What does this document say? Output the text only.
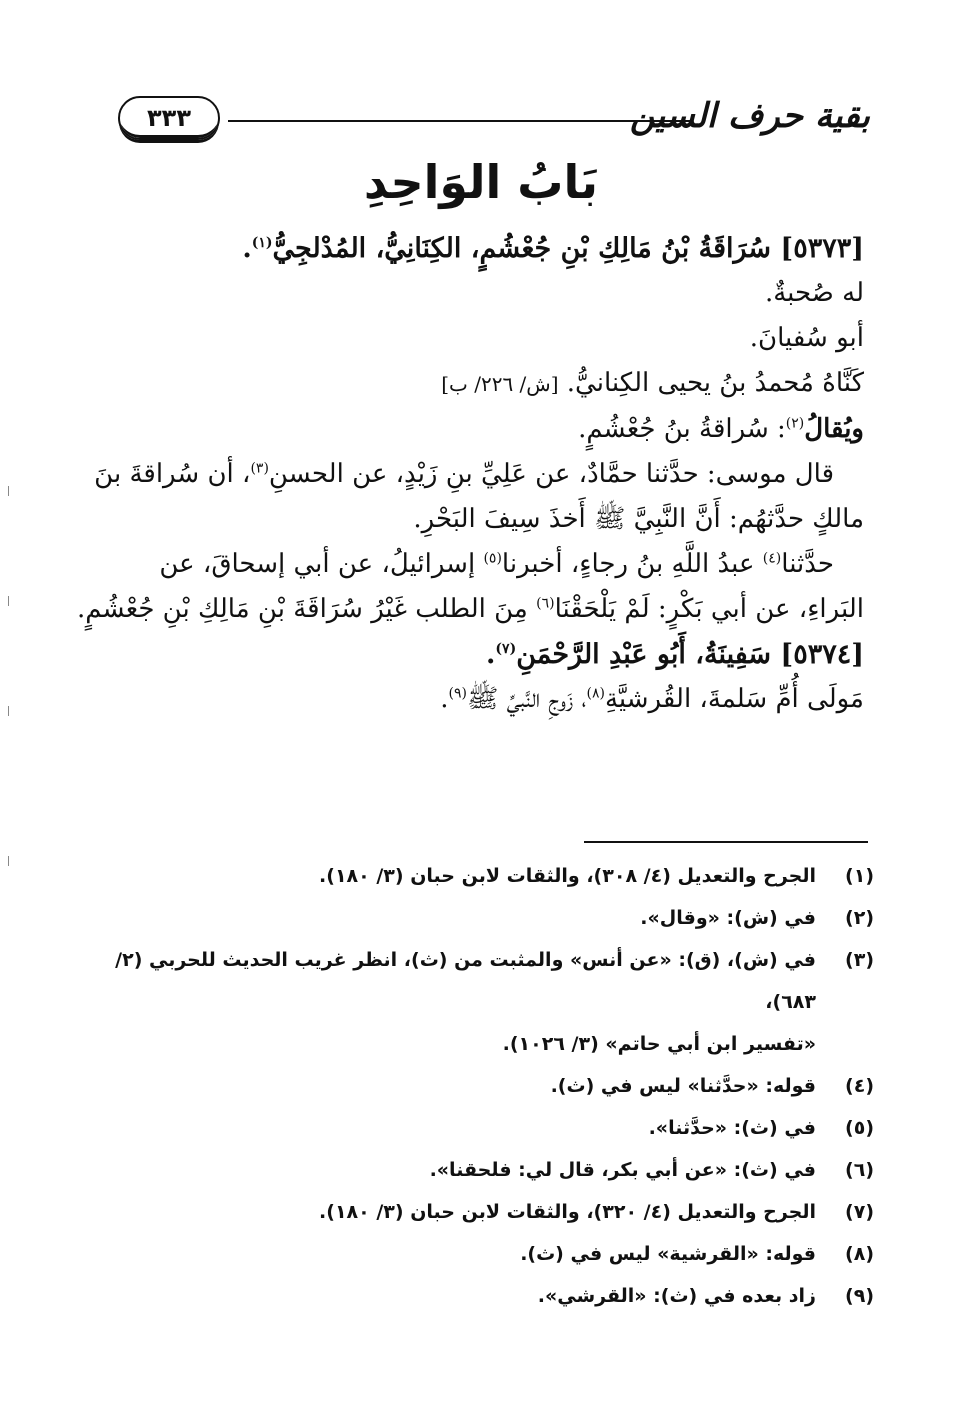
بقية حرف السين
٣٣٣
بَابُ الوَاحِدِ
[٥٣٧٣] سُرَاقَةُ بْنُ مَالِكِ بْنِ جُعْشُمٍ، الكِنَانِيُّ، المُدْلجِيُّ$^{(١)}$.
له صُحبةٌ.
أبو سُفيانَ.
كَنَّاهُ مُحمدُ بنُ يحيى الكِنانيُّ. [ش/ ٢٢٦/ ب]
ويُقالُ$^{(٢)}$: سُراقةُ بنُ جُعْشُمٍ.
قال موسى: حدَّثنا حمَّادٌ، عن عَلِيِّ بنِ زَيْدٍ، عن الحسنِ$^{(٣)}$، أن سُراقةَ بنَ
مالكٍ حدَّثهُم: أَنَّ النَّبِيَّ ﷺ أَخذَ سِيفَ البَحْرِ.
حدَّثنا$^{(٤)}$ عبدُ اللَّهِ بنُ رجاءٍ، أخبرنا$^{(٥)}$ إسرائيلُ، عن أبي إسحاقَ، عن
البَراءِ، عن أبي بَكْرٍ: لَمْ يَلْحَقْنَا$^{(٦)}$ مِنَ الطلب غَيْرُ سُرَاقَةَ بْنِ مَالِكِ بْنِ جُعْشُمٍ.
[٥٣٧٤] سَفِينَةُ، أَبُو عَبْدِ الرَّحْمَنِ$^{(٧)}$.
مَولَى أُمِّ سَلمةَ، القُرشيَّةِ$^{(٨)}$، زَوجِ النَّبيِّ ﷺ$^{(٩)}$.
(١)
الجرح والتعديل (٤/ ٣٠٨)، والثقات لابن حبان (٣/ ١٨٠).
(٢)
في (ش): «وقال».
(٣)
في (ش)، (ق): «عن أنس» والمثبت من (ث)، انظر غريب الحديث للحربي (٢/ ٦٨٣)،
«تفسير ابن أبي حاتم» (٣/ ١٠٢٦).
(٤)
قوله: «حدَّثنا» ليس في (ث).
(٥)
في (ث): «حدَّثنا».
(٦)
في (ث): «عن أبي بكر، قال لي: فلحقنا».
(٧)
الجرح والتعديل (٤/ ٣٢٠)، والثقات لابن حبان (٣/ ١٨٠).
(٨)
قوله: «القرشية» ليس في (ث).
(٩)
زاد بعده في (ث): «القرشي».
